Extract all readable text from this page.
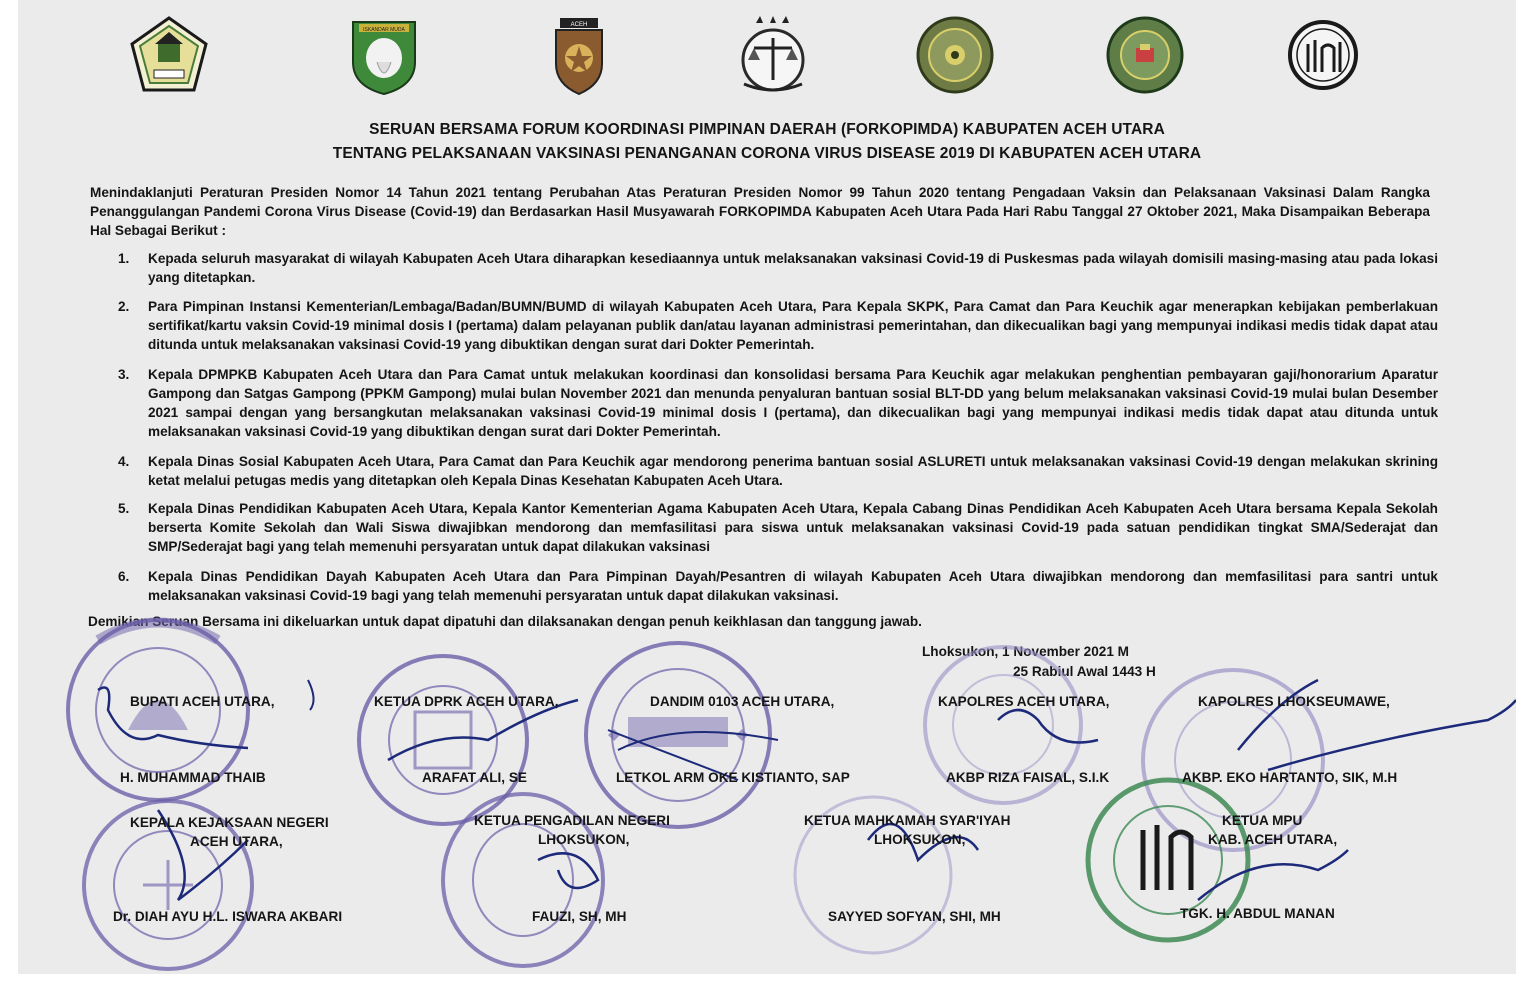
ISKANDAR MUDA
ACEH
SERUAN BERSAMA FORUM KOORDINASI PIMPINAN DAERAH (FORKOPIMDA) KABUPATEN ACEH UTARA
TENTANG PELAKSANAAN VAKSINASI PENANGANAN CORONA VIRUS DISEASE 2019 DI KABUPATEN ACEH UTARA
Menindaklanjuti Peraturan Presiden Nomor 14 Tahun 2021 tentang Perubahan Atas Peraturan Presiden Nomor 99 Tahun 2020 tentang Pengadaan Vaksin dan Pelaksanaan Vaksinasi Dalam Rangka Penanggulangan Pandemi Corona Virus Disease (Covid-19) dan Berdasarkan Hasil Musyawarah FORKOPIMDA Kabupaten Aceh Utara Pada Hari Rabu Tanggal 27 Oktober 2021, Maka Disampaikan Beberapa Hal Sebagai Berikut :
1. Kepada seluruh masyarakat di wilayah Kabupaten Aceh Utara diharapkan kesediaannya untuk melaksanakan vaksinasi Covid-19 di Puskesmas pada wilayah domisili masing-masing atau pada lokasi yang ditetapkan.
2. Para Pimpinan Instansi Kementerian/Lembaga/Badan/BUMN/BUMD di wilayah Kabupaten Aceh Utara, Para Kepala SKPK, Para Camat dan Para Keuchik agar menerapkan kebijakan pemberlakuan sertifikat/kartu vaksin Covid-19 minimal dosis I (pertama) dalam pelayanan publik dan/atau layanan administrasi pemerintahan, dan dikecualikan bagi yang mempunyai indikasi medis tidak dapat atau ditunda untuk melaksanakan vaksinasi Covid-19 yang dibuktikan dengan surat dari Dokter Pemerintah.
3. Kepala DPMPKB Kabupaten Aceh Utara dan Para Camat untuk melakukan koordinasi dan konsolidasi bersama Para Keuchik agar melakukan penghentian pembayaran gaji/honorarium Aparatur Gampong dan Satgas Gampong (PPKM Gampong) mulai bulan November 2021 dan menunda penyaluran bantuan sosial BLT-DD yang belum melaksanakan vaksinasi Covid-19 mulai bulan Desember 2021 sampai dengan yang bersangkutan melaksanakan vaksinasi Covid-19 minimal dosis I (pertama), dan dikecualikan bagi yang mempunyai indikasi medis tidak dapat atau ditunda untuk melaksanakan vaksinasi Covid-19 yang dibuktikan dengan surat dari Dokter Pemerintah.
4. Kepala Dinas Sosial Kabupaten Aceh Utara, Para Camat dan Para Keuchik agar mendorong penerima bantuan sosial ASLURETI untuk melaksanakan vaksinasi Covid-19 dengan melakukan skrining ketat melalui petugas medis yang ditetapkan oleh Kepala Dinas Kesehatan Kabupaten Aceh Utara.
5. Kepala Dinas Pendidikan Kabupaten Aceh Utara, Kepala Kantor Kementerian Agama Kabupaten Aceh Utara, Kepala Cabang Dinas Pendidikan Aceh Kabupaten Aceh Utara bersama Kepala Sekolah berserta Komite Sekolah dan Wali Siswa diwajibkan mendorong dan memfasilitasi para siswa untuk melaksanakan vaksinasi Covid-19 pada satuan pendidikan tingkat SMA/Sederajat dan SMP/Sederajat bagi yang telah memenuhi persyaratan untuk dapat dilakukan vaksinasi
6. Kepala Dinas Pendidikan Dayah Kabupaten Aceh Utara dan Para Pimpinan Dayah/Pesantren di wilayah Kabupaten Aceh Utara diwajibkan mendorong dan memfasilitasi para santri untuk melaksanakan vaksinasi Covid-19 bagi yang telah memenuhi persyaratan untuk dapat dilakukan vaksinasi.
Demikian Seruan Bersama ini dikeluarkan untuk dapat dipatuhi dan dilaksanakan dengan penuh keikhlasan dan tanggung jawab.
Lhoksukon, 1 November 2021 M
25 Rabiul Awal 1443 H
BUPATI ACEH UTARA,
H. MUHAMMAD THAIB
KETUA DPRK ACEH UTARA,
ARAFAT ALI, SE
DANDIM 0103 ACEH UTARA,
LETKOL ARM OKE KISTIANTO, SAP
KAPOLRES ACEH UTARA,
AKBP RIZA FAISAL, S.I.K
KAPOLRES LHOKSEUMAWE,
AKBP. EKO HARTANTO, SIK, M.H
KEPALA KEJAKSAAN NEGERI
ACEH UTARA,
Dr. DIAH AYU H.L. ISWARA AKBARI
KETUA PENGADILAN NEGERI
LHOKSUKON,
FAUZI, SH, MH
KETUA MAHKAMAH SYAR'IYAH
LHOKSUKON,
SAYYED SOFYAN, SHI, MH
KETUA MPU
KAB. ACEH UTARA,
TGK. H. ABDUL MANAN
